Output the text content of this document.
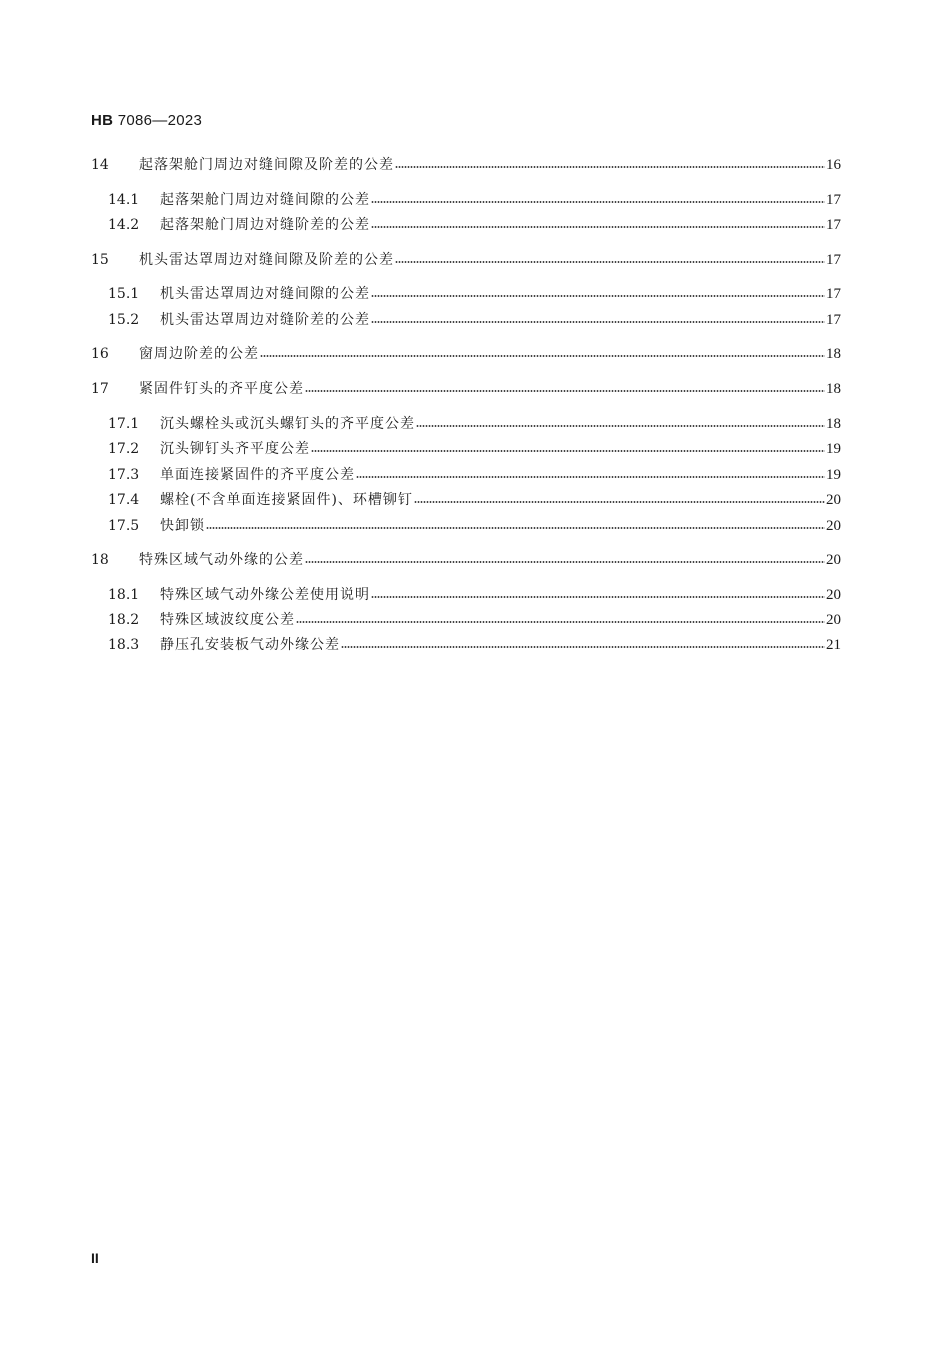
HB 7086—2023
14	起落架舱门周边对缝间隙及阶差的公差	16
14.1	起落架舱门周边对缝间隙的公差	17
14.2	起落架舱门周边对缝阶差的公差	17
15	机头雷达罩周边对缝间隙及阶差的公差	17
15.1	机头雷达罩周边对缝间隙的公差	17
15.2	机头雷达罩周边对缝阶差的公差	17
16	窗周边阶差的公差	18
17	紧固件钉头的齐平度公差	18
17.1	沉头螺栓头或沉头螺钉头的齐平度公差	18
17.2	沉头铆钉头齐平度公差	19
17.3	单面连接紧固件的齐平度公差	19
17.4	螺栓(不含单面连接紧固件)、环槽铆钉	20
17.5	快卸锁	20
18	特殊区域气动外缘的公差	20
18.1	特殊区域气动外缘公差使用说明	20
18.2	特殊区域波纹度公差	20
18.3	静压孔安装板气动外缘公差	21
II
